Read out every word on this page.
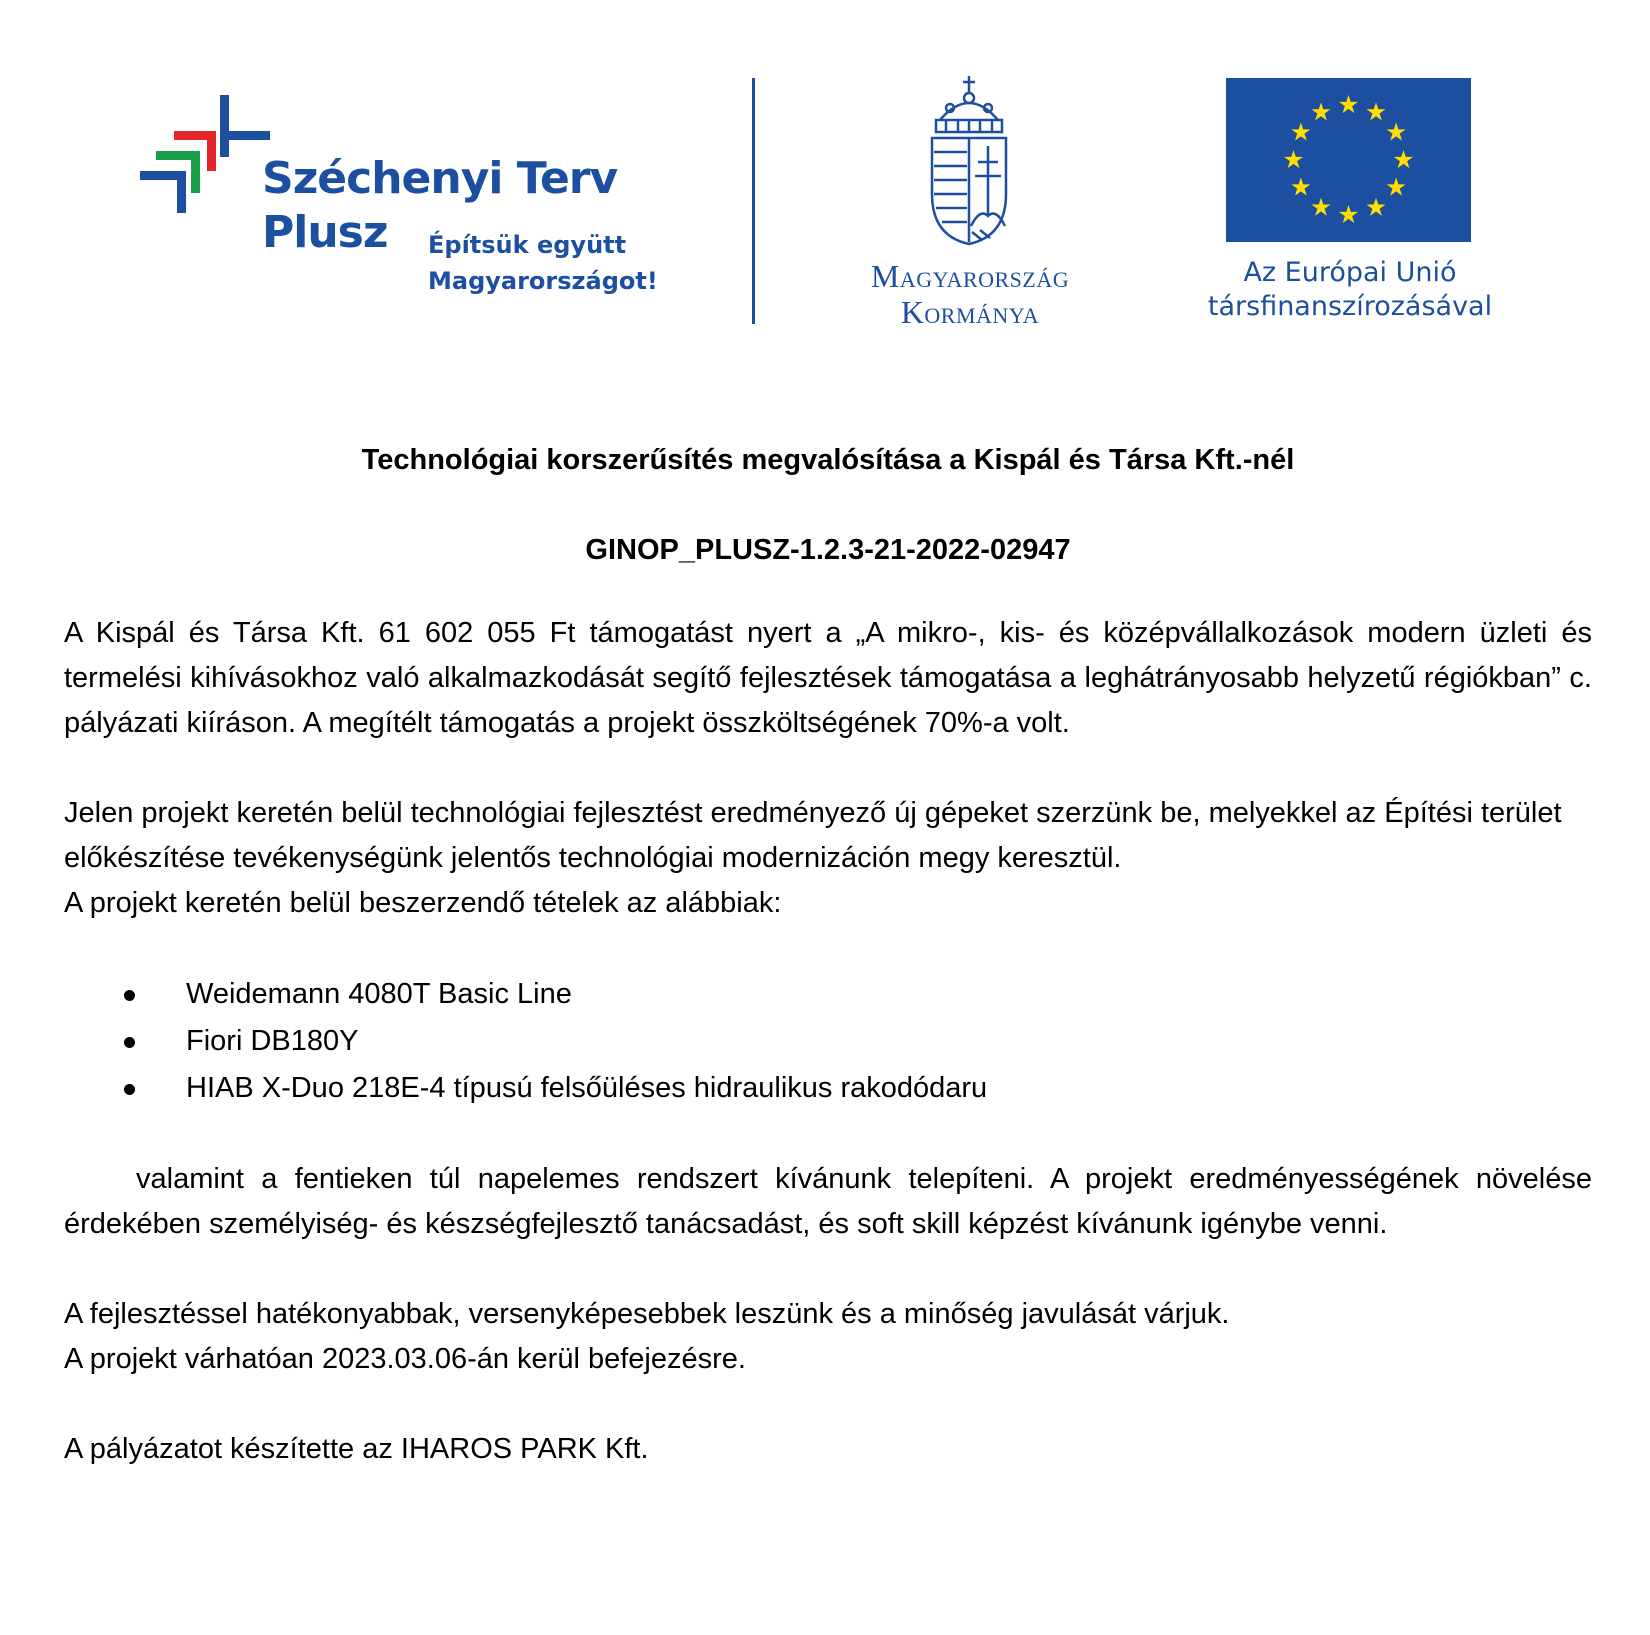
Széchenyi Terv
Plusz Építsük együtt
Magyarországot!	Magyarország
Kormánya
Az Európai Unió
társfinanszírozásával
Technológiai korszerűsítés megvalósítása a Kispál és Társa Kft.-nél
GINOP_PLUSZ-1.2.3-21-2022-02947

A Kispál és Társa Kft. 61 602 055 Ft támogatást nyert a „A mikro-, kis- és középvállalkozások modern üzleti és termelési kihívásokhoz való alkalmazkodását segítő fejlesztések támogatása a leghátrányosabb helyzetű régiókban” c. pályázati kiíráson. A megítélt támogatás a projekt összköltségének 70%-a volt.

Jelen projekt keretén belül technológiai fejlesztést eredményező új gépeket szerzünk be, melyekkel az Építési terület előkészítése tevékenységünk jelentős technológiai modernizáción megy keresztül.
A projekt keretén belül beszerzendő tételek az alábbiak:

Weidemann 4080T Basic Line
Fiori DB180Y
HIAB X-Duo 218E-4 típusú felsőüléses hidraulikus rakodódaru

valamint a fentieken túl napelemes rendszert kívánunk telepíteni. A projekt eredményességének növelése érdekében személyiség- és készségfejlesztő tanácsadást, és soft skill képzést kívánunk igénybe venni.

A fejlesztéssel hatékonyabbak, versenyképesebbek leszünk és a minőség javulását várjuk.
A projekt várhatóan 2023.03.06-án kerül befejezésre.

A pályázatot készítette az IHAROS PARK Kft.
